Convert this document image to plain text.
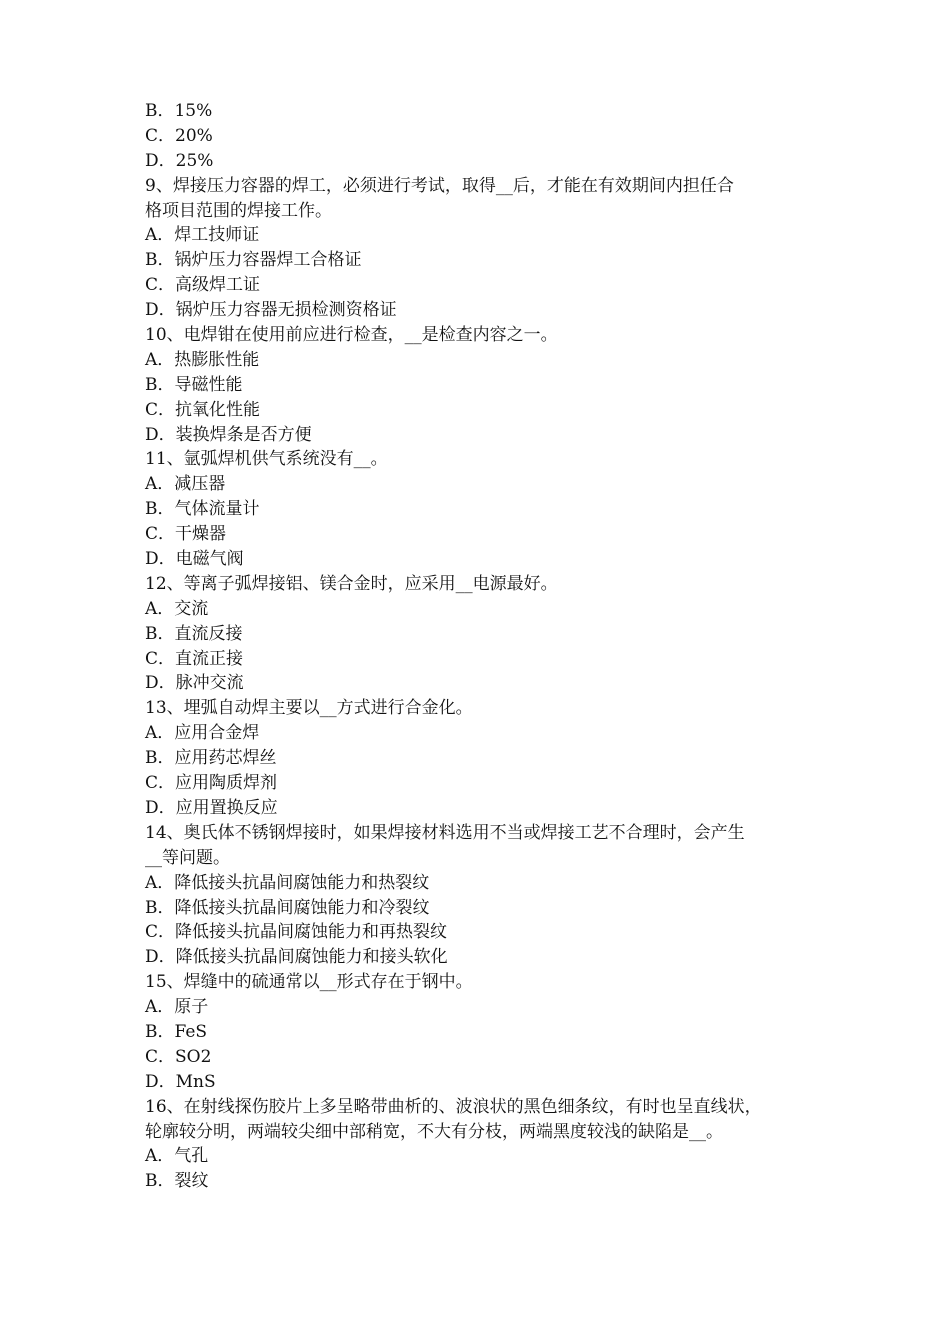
B．15%
C．20%
D．25%
9、焊接压力容器的焊工，必须进行考试，取得__后，才能在有效期间内担任合
格项目范围的焊接工作。
A．焊工技师证
B．锅炉压力容器焊工合格证
C．高级焊工证
D．锅炉压力容器无损检测资格证
10、电焊钳在使用前应进行检查，__是检查内容之一。
A．热膨胀性能
B．导磁性能
C．抗氧化性能
D．装换焊条是否方便
11、氩弧焊机供气系统没有__。
A．减压器
B．气体流量计
C．干燥器
D．电磁气阀
12、等离子弧焊接铝、镁合金时，应采用__电源最好。
A．交流
B．直流反接
C．直流正接
D．脉冲交流
13、埋弧自动焊主要以__方式进行合金化。
A．应用合金焊
B．应用药芯焊丝
C．应用陶质焊剂
D．应用置换反应
14、奥氏体不锈钢焊接时，如果焊接材料选用不当或焊接工艺不合理时，会产生
__等问题。
A．降低接头抗晶间腐蚀能力和热裂纹
B．降低接头抗晶间腐蚀能力和冷裂纹
C．降低接头抗晶间腐蚀能力和再热裂纹
D．降低接头抗晶间腐蚀能力和接头软化
15、焊缝中的硫通常以__形式存在于钢中。
A．原子
B．FeS
C．SO2
D．MnS
16、在射线探伤胶片上多呈略带曲析的、波浪状的黑色细条纹，有时也呈直线状，
轮廓较分明，两端较尖细中部稍宽，不大有分枝，两端黑度较浅的缺陷是__。
A．气孔
B．裂纹
